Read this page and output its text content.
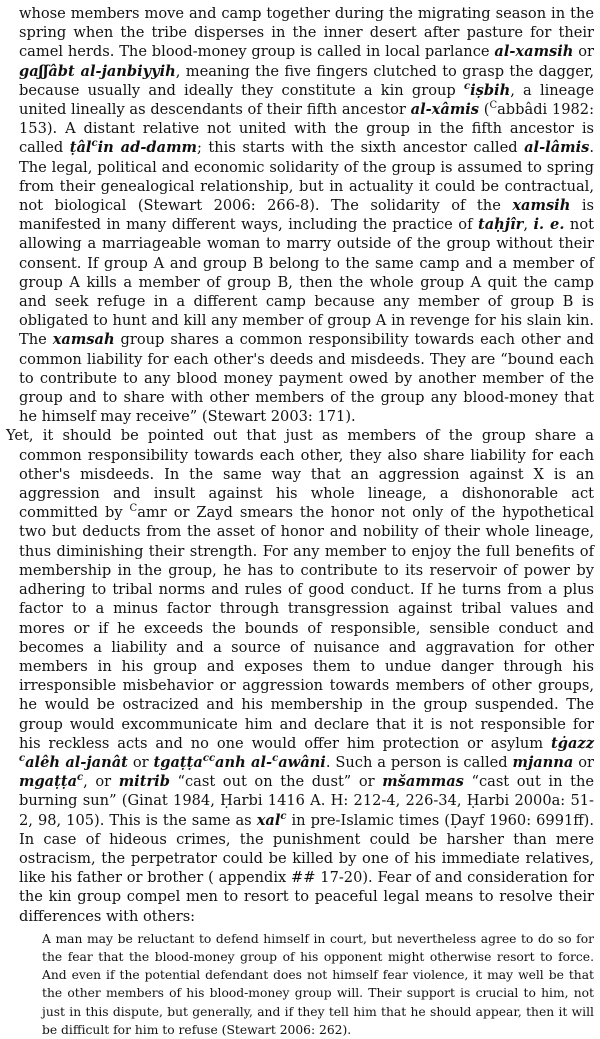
whose members move and camp together during the migrating season in the spring when the tribe disperses in the inner desert after pasture for their camel herds. The blood-money group is called in local parlance al-xamsih or gaʃʃâbt al-janbiyyih, meaning the five fingers clutched to grasp the dagger, because usually and ideally they constitute a kin group $^c$iṣbih, a lineage united lineally as descendants of their fifth ancestor al-xâmis ($^C$abbâdi 1982: 153). A distant relative not united with the group in the fifth ancestor is called ṭâl$^c$in ad-damm; this starts with the sixth ancestor called al-lâmis. The legal, political and economic solidarity of the group is assumed to spring from their genealogical relationship, but in actuality it could be contractual, not biological (Stewart 2006: 266-8). The solidarity of the xamsih is manifested in many different ways, including the practice of taḥjîr, i. e. not allowing a marriageable woman to marry outside of the group without their consent. If group A and group B belong to the same camp and a member of group A kills a member of group B, then the whole group A quit the camp and seek refuge in a different camp because any member of group B is obligated to hunt and kill any member of group A in revenge for his slain kin. The xamsah group shares a common responsibility towards each other and common liability for each other's deeds and misdeeds. They are “bound each to contribute to any blood money payment owed by another member of the group and to share with other members of the group any blood-money that he himself may receive” (Stewart 2003: 171).

Yet, it should be pointed out that just as members of the group share a common responsibility towards each other, they also share liability for each other's misdeeds. In the same way that an aggression against X is an aggression and insult against his whole lineage, a dishonorable act committed by $^C$amr or Zayd smears the honor not only of the hypothetical two but deducts from the asset of honor and nobility of their whole lineage, thus diminishing their strength. For any member to enjoy the full benefits of membership in the group, he has to contribute to its reservoir of power by adhering to tribal norms and rules of good conduct. If he turns from a plus factor to a minus factor through transgression against tribal values and mores or if he exceeds the bounds of responsible, sensible conduct and becomes a liability and a source of nuisance and aggravation for other members in his group and exposes them to undue danger through his irresponsible misbehavior or aggression towards members of other groups, he would be ostracized and his membership in the group suspended. The group would excommunicate him and declare that it is not responsible for his reckless acts and no one would offer him protection or asylum tġazz $^c$alêh al-janât or tgaṭṭa$^{cc}$anh al-$^c$awâni. Such a person is called mjanna or mgaṭṭa$^c$, or mitrib “cast out on the dust” or mšammas “cast out in the burning sun” (Ginat 1984, Ḥarbi 1416 A. H: 212-4, 226-34, Ḥarbi 2000a: 51-2, 98, 105). This is the same as xal$^c$ in pre-Islamic times (Ḍayf 1960: 6991ff). In case of hideous crimes, the punishment could be harsher than mere ostracism, the perpetrator could be killed by one of his immediate relatives, like his father or brother ( appendix ## 17-20). Fear of and consideration for the kin group compel men to resort to peaceful legal means to resolve their differences with others:

A man may be reluctant to defend himself in court, but nevertheless agree to do so for the fear that the blood-money group of his opponent might otherwise resort to force. And even if the potential defendant does not himself fear violence, it may well be that the other members of his blood-money group will. Their support is crucial to him, not just in this dispute, but generally, and if they tell him that he should appear, then it will be difficult for him to refuse (Stewart 2006: 262).
